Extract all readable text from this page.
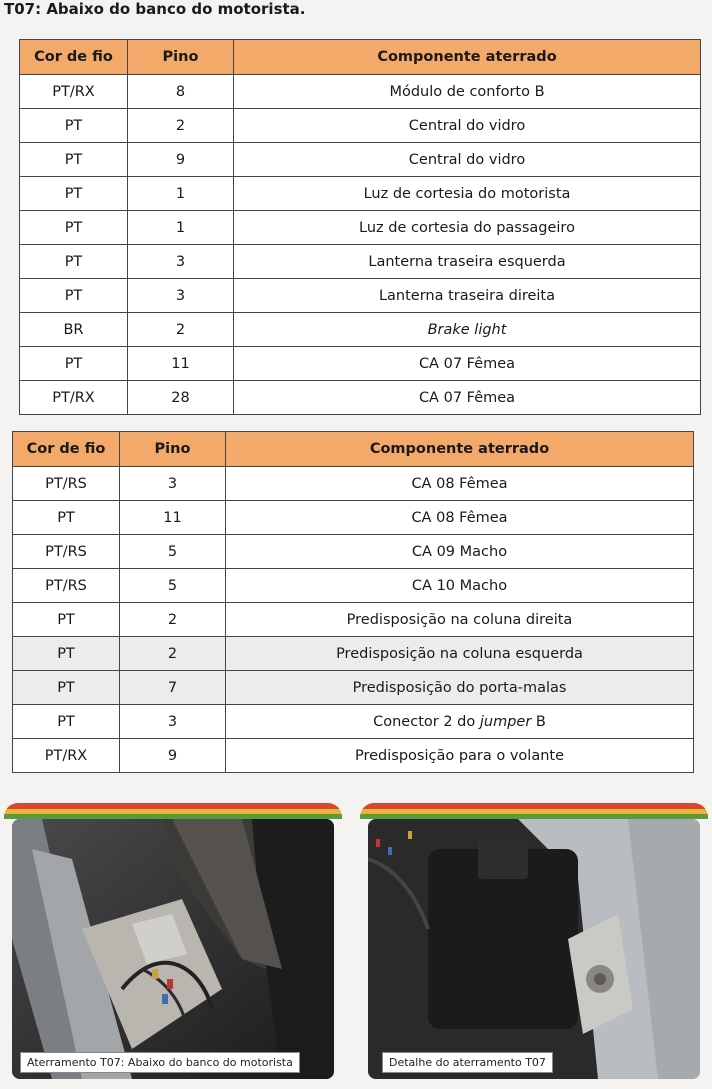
T07: Abaixo do banco do motorista.
Cor de fio	Pino	Componente aterrado
PT/RX	8	Módulo de conforto B
PT	2	Central do vidro
PT	9	Central do vidro
PT	1	Luz de cortesia do motorista
PT	1	Luz de cortesia do passageiro
PT	3	Lanterna traseira esquerda
PT	3	Lanterna traseira direita
BR	2	Brake light
PT	11	CA 07 Fêmea
PT/RX	28	CA 07 Fêmea
Cor de fio	Pino	Componente aterrado
PT/RS	3	CA 08 Fêmea
PT	11	CA 08 Fêmea
PT/RS	5	CA 09 Macho
PT/RS	5	CA 10 Macho
PT	2	Predisposição na coluna direita
PT	2	Predisposição na coluna esquerda
PT	7	Predisposição do porta-malas
PT	3	Conector 2 do jumper B
PT/RX	9	Predisposição para o volante
Aterramento T07: Abaixo do banco do motorista	Detalhe do aterramento T07
